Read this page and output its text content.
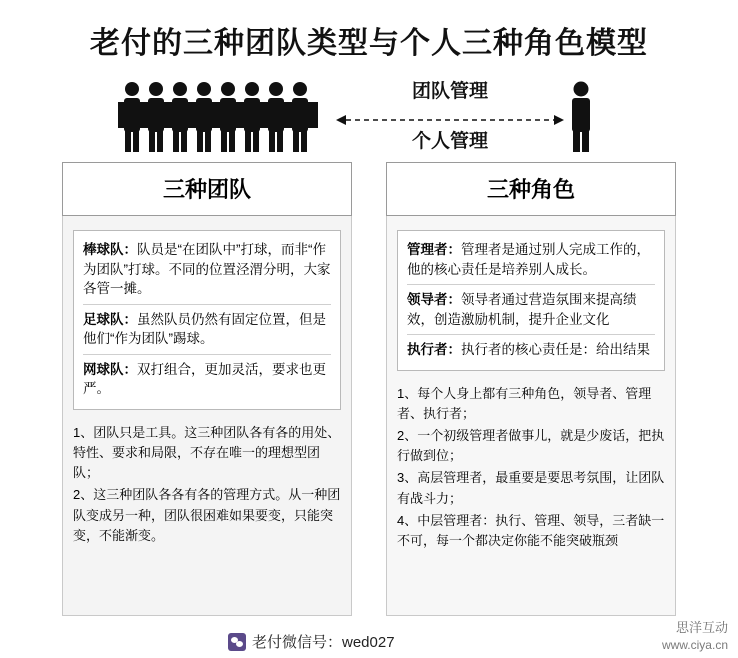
老付的三种团队类型与个人三种角色模型
团队管理
个人管理
三种团队
棒球队：队员是“在团队中”打球，而非“作为团队”打球。不同的位置泾渭分明，大家各管一摊。
足球队：虽然队员仍然有固定位置，但是他们“作为团队”踢球。
网球队：双打组合，更加灵活，要求也更严。

1、团队只是工具。这三种团队各有各的用处、特性、要求和局限，不存在唯一的理想型团队；

2、这三种团队各各有各的管理方式。从一种团队变成另一种，团队很困难如果要变，只能突变，不能渐变。

三种角色
管理者：管理者是通过别人完成工作的，他的核心责任是培养别人成长。
领导者：领导者通过营造氛围来提高绩效，创造激励机制，提升企业文化
执行者：执行者的核心责任是：给出结果

1、每个人身上都有三种角色，领导者、管理者、执行者；

2、一个初级管理者做事儿，就是少废话，把执行做到位；

3、高层管理者，最重要是要思考氛围，让团队有战斗力；

4、中层管理者：执行、管理、领导，三者缺一不可，每一个都决定你能不能突破瓶颈

老付微信号：wed027
思洋互动
www.ciya.cn
